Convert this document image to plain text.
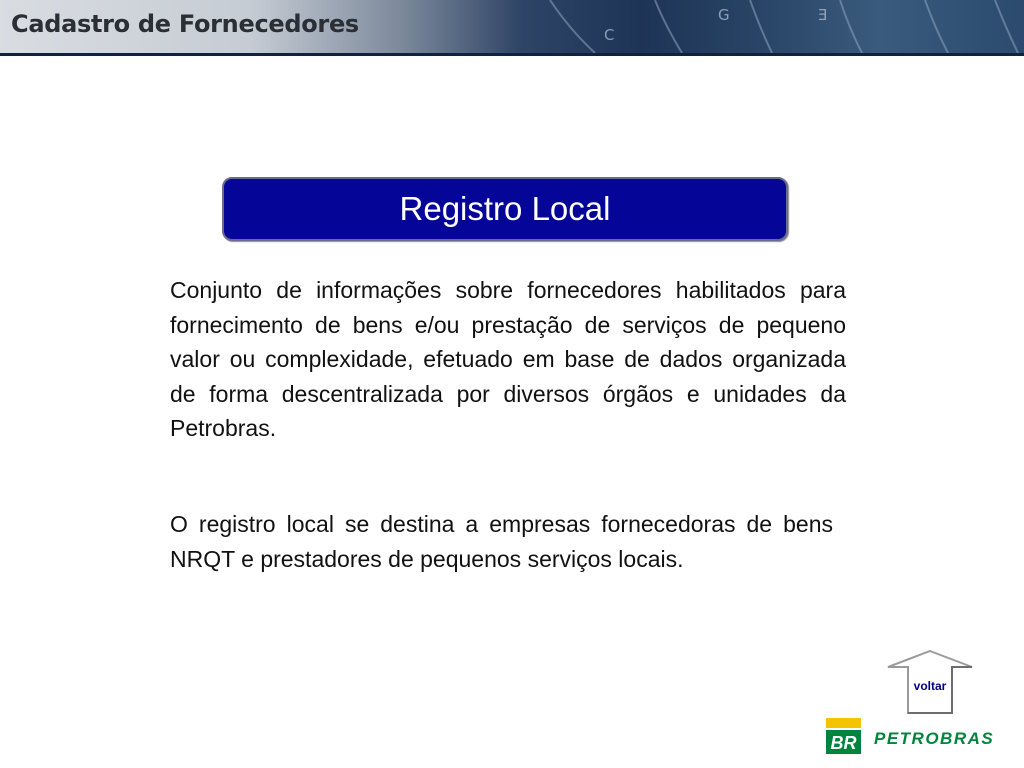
C
G	Ǝ
Cadastro de Fornecedores
Registro Local

Conjunto de informações sobre fornecedores habilitados para fornecimento de bens e/ou prestação de serviços de pequeno valor ou complexidade, efetuado em base de dados organizada de forma descentralizada por diversos órgãos e unidades da Petrobras.

O registro local se destina a empresas fornecedoras de bens NRQT e prestadores de pequenos serviços locais.

voltar
BR PETROBRAS
